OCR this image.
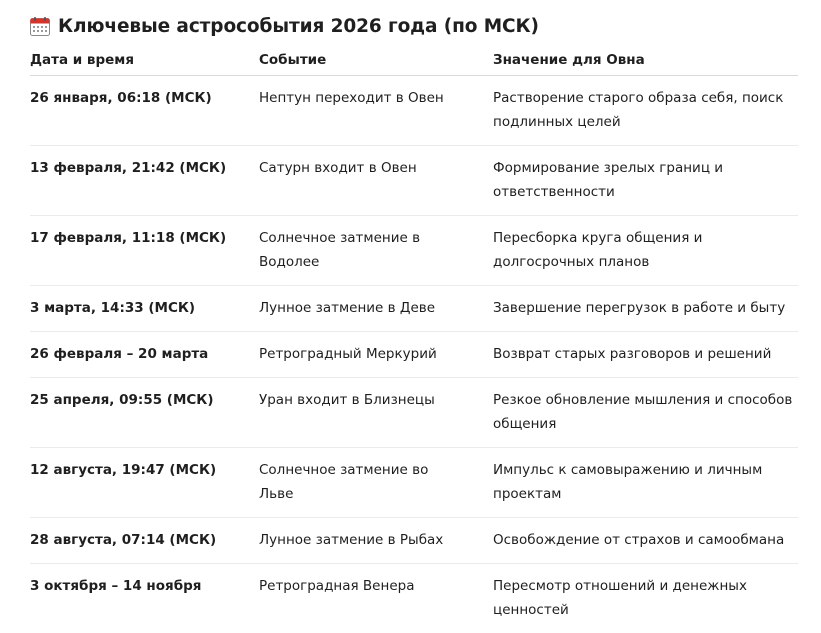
Ключевые астрособытия 2026 года (по МСК)
Дата и время	Событие	Значение для Овна
26 января, 06:18 (МСК)	Нептун переходит в Овен	Растворение старого образа себя, поиск подлинных целей
13 февраля, 21:42 (МСК)	Сатурн входит в Овен	Формирование зрелых границ и ответственности
17 февраля, 11:18 (МСК)	Солнечное затмение в Водолее	Пересборка круга общения и долгосрочных планов
3 марта, 14:33 (МСК)	Лунное затмение в Деве	Завершение перегрузок в работе и быту
26 февраля – 20 марта	Ретроградный Меркурий	Возврат старых разговоров и решений
25 апреля, 09:55 (МСК)	Уран входит в Близнецы	Резкое обновление мышления и способов общения
12 августа, 19:47 (МСК)	Солнечное затмение во Льве	Импульс к самовыражению и личным проектам
28 августа, 07:14 (МСК)	Лунное затмение в Рыбах	Освобождение от страхов и самообмана
3 октября – 14 ноября	Ретроградная Венера	Пересмотр отношений и денежных ценностей
